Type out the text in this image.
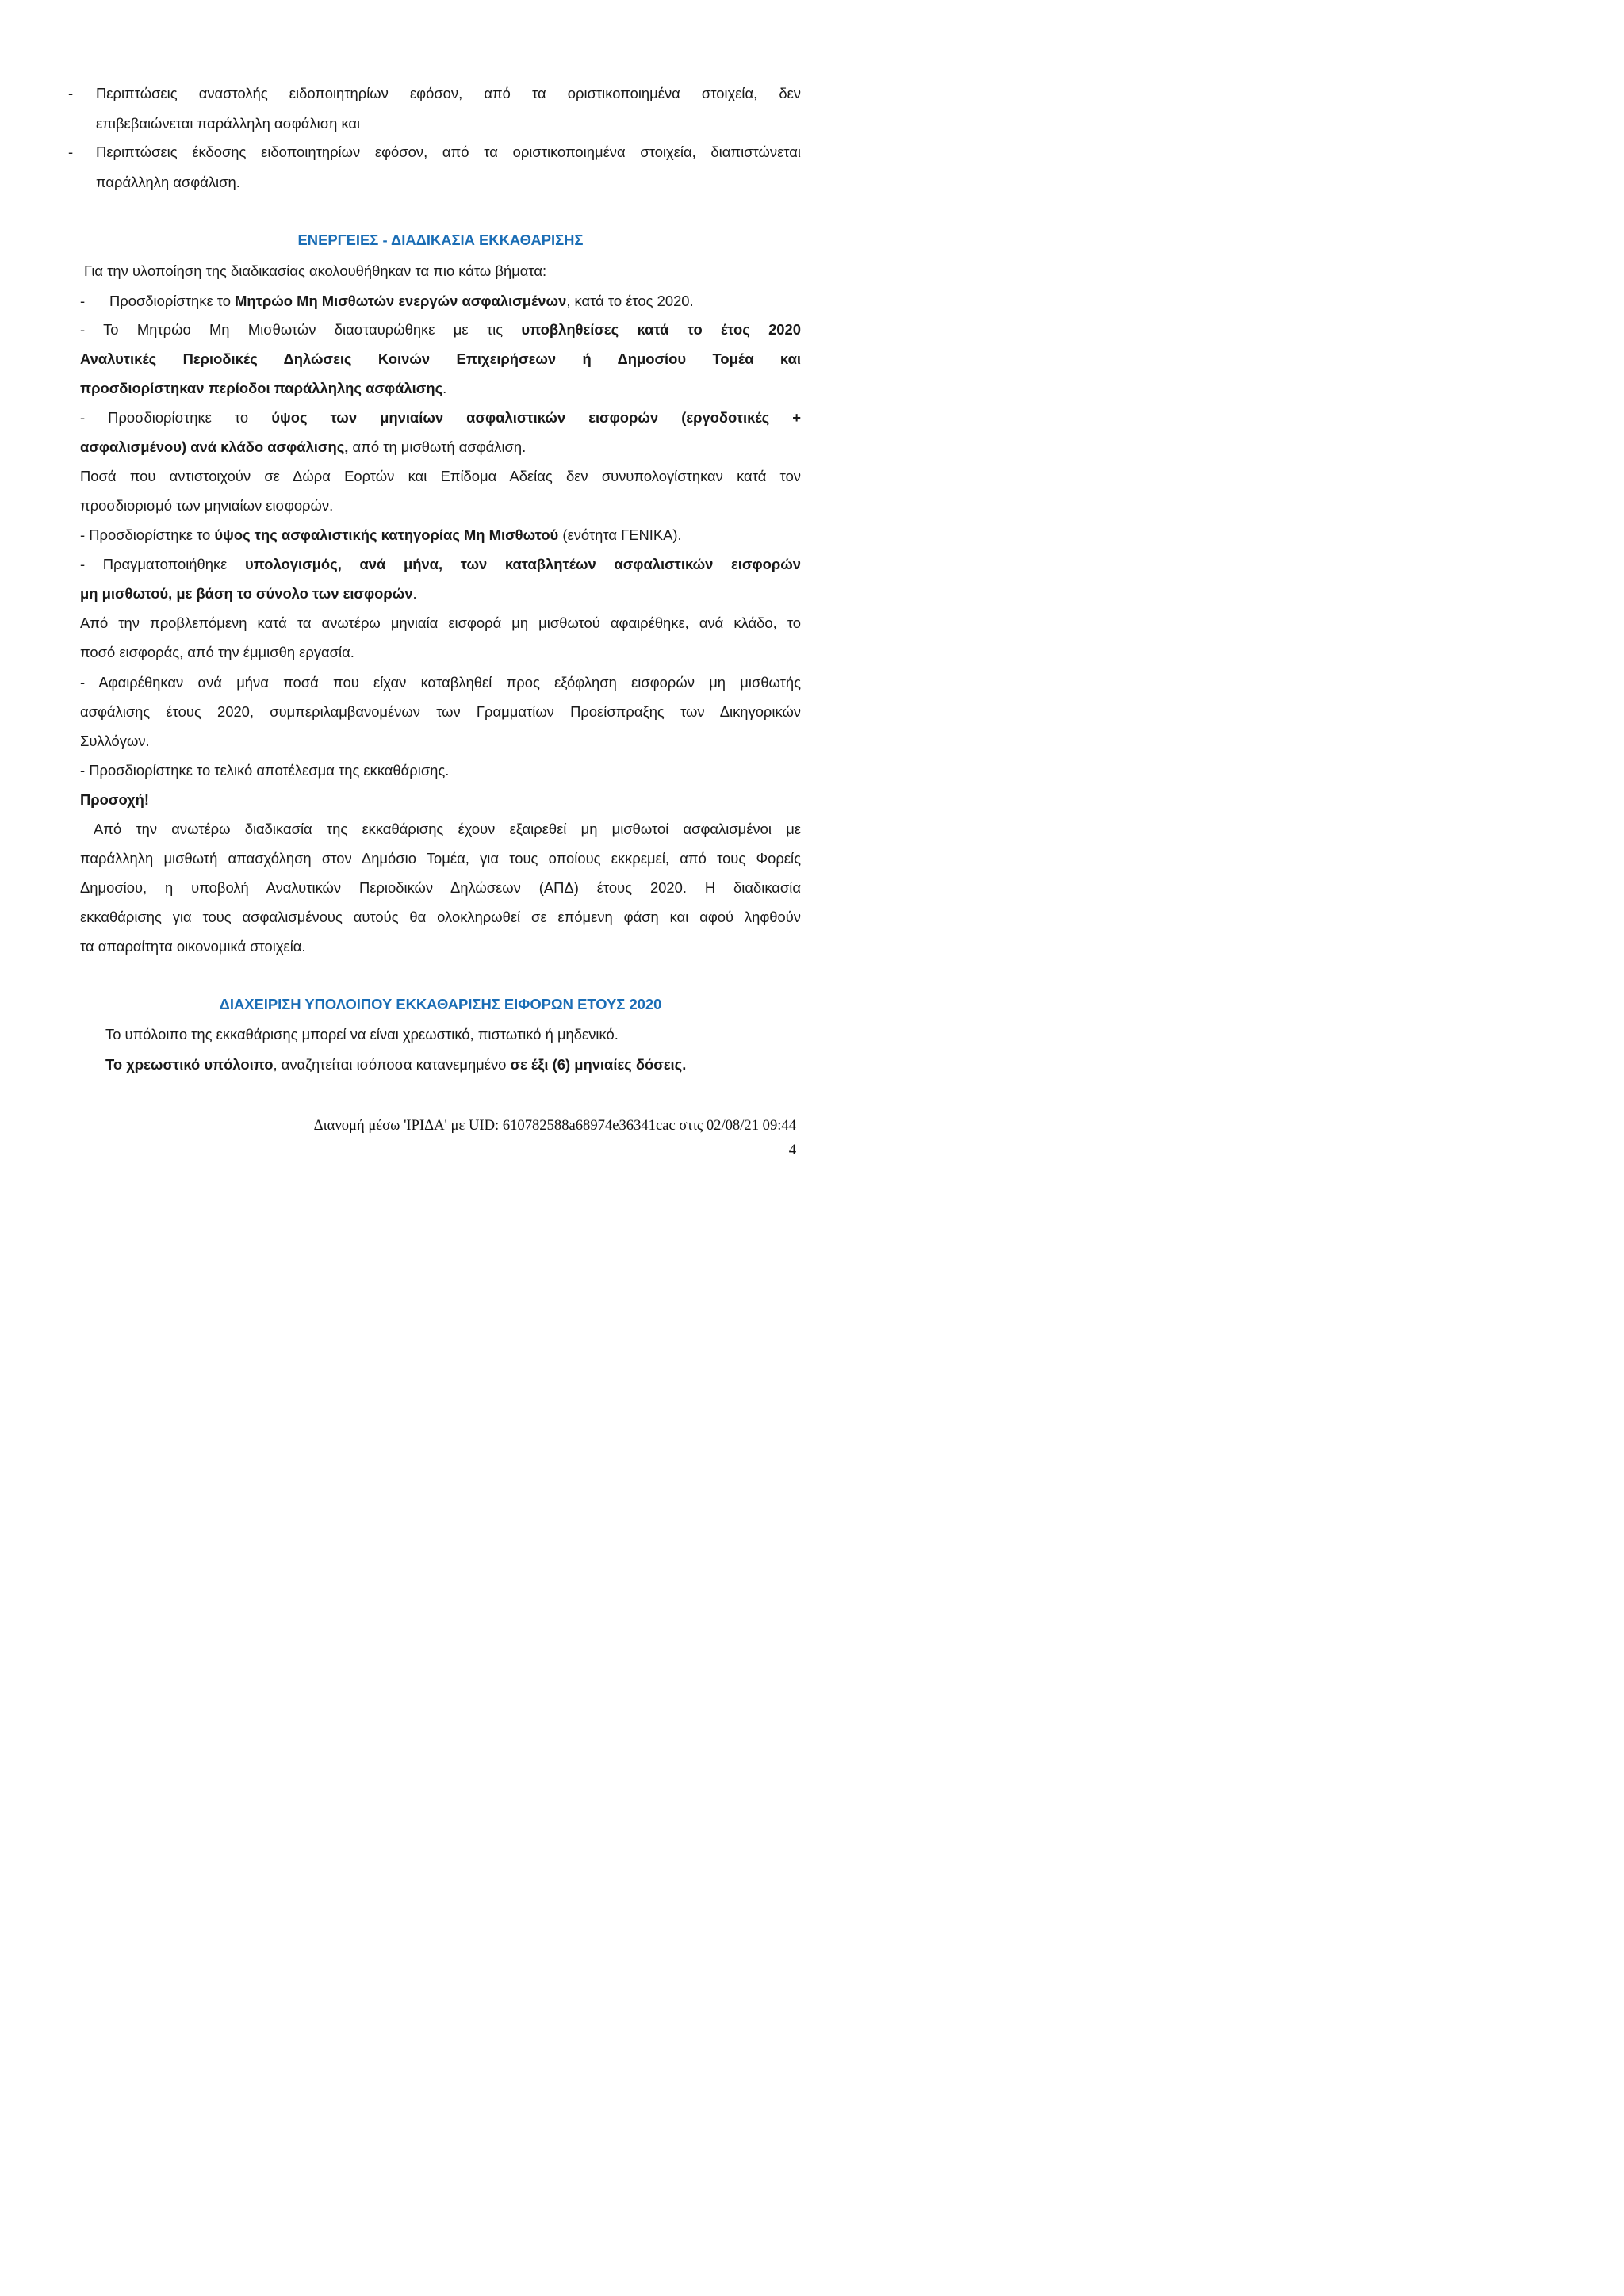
- Περιπτώσεις αναστολής ειδοποιητηρίων εφόσον, από τα οριστικοποιημένα στοιχεία, δεν

επιβεβαιώνεται παράλληλη ασφάλιση και

- Περιπτώσεις έκδοσης ειδοποιητηρίων εφόσον, από τα οριστικοποιημένα στοιχεία, διαπιστώνεται

παράλληλη ασφάλιση.

ΕΝΕΡΓΕΙΕΣ - ΔΙΑΔΙΚΑΣΙΑ ΕΚΚΑΘΑΡΙΣΗΣ

Για την υλοποίηση της διαδικασίας ακολουθήθηκαν τα πιο κάτω βήματα:

- Προσδιορίστηκε το Μητρώο Μη Μισθωτών ενεργών ασφαλισμένων, κατά το έτος 2020.

- Το Μητρώο Μη Μισθωτών διασταυρώθηκε με τις υποβληθείσες κατά το έτος 2020

Αναλυτικές Περιοδικές Δηλώσεις Κοινών Επιχειρήσεων ή Δημοσίου Τομέα και

προσδιορίστηκαν περίοδοι παράλληλης ασφάλισης.

- Προσδιορίστηκε το ύψος των μηνιαίων ασφαλιστικών εισφορών (εργοδοτικές +

ασφαλισμένου) ανά κλάδο ασφάλισης, από τη μισθωτή ασφάλιση.

Ποσά που αντιστοιχούν σε Δώρα Εορτών και Επίδομα Αδείας δεν συνυπολογίστηκαν κατά τον

προσδιορισμό των μηνιαίων εισφορών.

- Προσδιορίστηκε το ύψος της ασφαλιστικής κατηγορίας Μη Μισθωτού (ενότητα ΓΕΝΙΚΑ).

- Πραγματοποιήθηκε υπολογισμός, ανά μήνα, των καταβλητέων ασφαλιστικών εισφορών

μη μισθωτού, με βάση το σύνολο των εισφορών.

Από την προβλεπόμενη κατά τα ανωτέρω μηνιαία εισφορά μη μισθωτού αφαιρέθηκε, ανά κλάδο, το

ποσό εισφοράς, από την έμμισθη εργασία.

- Αφαιρέθηκαν ανά μήνα ποσά που είχαν καταβληθεί προς εξόφληση εισφορών μη μισθωτής

ασφάλισης έτους 2020, συμπεριλαμβανομένων των Γραμματίων Προείσπραξης των Δικηγορικών

Συλλόγων.

- Προσδιορίστηκε το τελικό αποτέλεσμα της εκκαθάρισης.

Προσοχή!

Από την ανωτέρω διαδικασία της εκκαθάρισης έχουν εξαιρεθεί μη μισθωτοί ασφαλισμένοι με

παράλληλη μισθωτή απασχόληση στον Δημόσιο Τομέα, για τους οποίους εκκρεμεί, από τους Φορείς

Δημοσίου, η υποβολή Αναλυτικών Περιοδικών Δηλώσεων (ΑΠΔ) έτους 2020. Η διαδικασία

εκκαθάρισης για τους ασφαλισμένους αυτούς θα ολοκληρωθεί σε επόμενη φάση και αφού ληφθούν

τα απαραίτητα οικονομικά στοιχεία.

ΔΙΑΧΕΙΡΙΣΗ ΥΠΟΛΟΙΠΟΥ ΕΚΚΑΘΑΡΙΣΗΣ ΕΙΦΟΡΩΝ ΕΤΟΥΣ 2020

Το υπόλοιπο της εκκαθάρισης μπορεί να είναι χρεωστικό, πιστωτικό ή μηδενικό.

Το χρεωστικό υπόλοιπο, αναζητείται ισόποσα κατανεμημένο σε έξι (6) μηνιαίες δόσεις.

Διανομή μέσω 'ΙΡΙΔΑ' με UID: 610782588a68974e36341cac στις 02/08/21 09:44
4
